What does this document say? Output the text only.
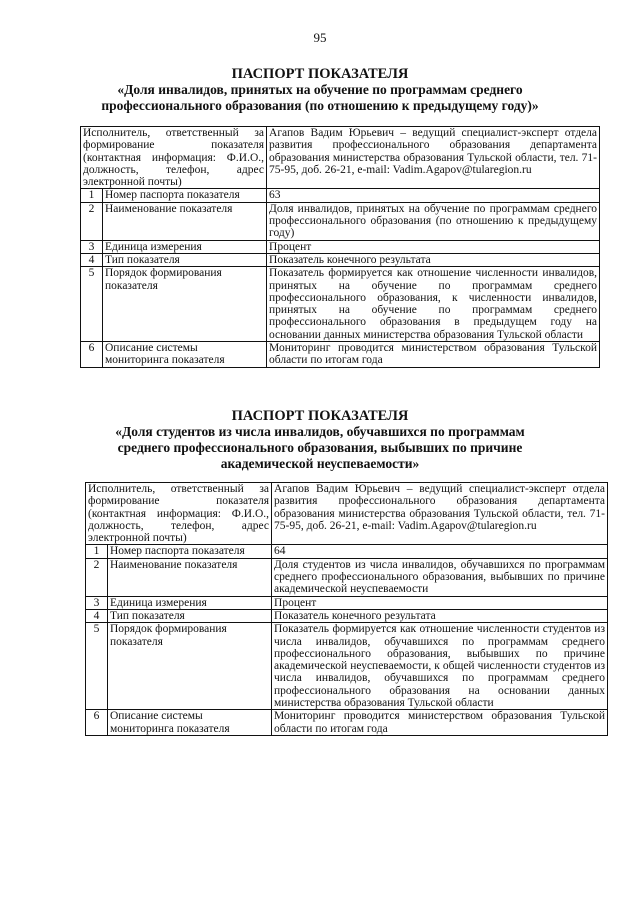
95

ПАСПОРТ ПОКАЗАТЕЛЯ

«Доля инвалидов, принятых на обучение по программам среднего профессионального образования (по отношению к предыдущему году)»

Исполнитель, ответственный за формирование показателя (контактная информация: Ф.И.О., должность, телефон, адрес электронной почты)		Агапов Вадим Юрьевич – ведущий специалист-эксперт отдела развития профессионального образования департамента образования министерства образования Тульской области, тел. 71-75-95, доб. 26-21, e-mail: Vadim.Agapov@tularegion.ru
1	Номер паспорта показателя	63
2	Наименование показателя	Доля инвалидов, принятых на обучение по программам среднего профессионального образования (по отношению к предыдущему году)
3	Единица измерения	Процент
4	Тип показателя	Показатель конечного результата
5	Порядок формирования показателя	Показатель формируется как отношение численности инвалидов, принятых на обучение по программам среднего профессионального образования, к численности инвалидов, принятых на обучение по программам среднего профессионального образования в предыдущем году на основании данных министерства образования Тульской области
6	Описание системы мониторинга показателя	Мониторинг проводится министерством образования Тульской области по итогам года

ПАСПОРТ ПОКАЗАТЕЛЯ

«Доля студентов из числа инвалидов, обучавшихся по программам среднего профессионального образования, выбывших по причине академической неуспеваемости»

Исполнитель, ответственный за формирование показателя (контактная информация: Ф.И.О., должность, телефон, адрес электронной почты)		Агапов Вадим Юрьевич – ведущий специалист-эксперт отдела развития профессионального образования департамента образования министерства образования Тульской области, тел. 71-75-95, доб. 26-21, e-mail: Vadim.Agapov@tularegion.ru
1	Номер паспорта показателя	64
2	Наименование показателя	Доля студентов из числа инвалидов, обучавшихся по программам среднего профессионального образования, выбывших по причине академической неуспеваемости
3	Единица измерения	Процент
4	Тип показателя	Показатель конечного результата
5	Порядок формирования показателя	Показатель формируется как отношение численности студентов из числа инвалидов, обучавшихся по программам среднего профессионального образования, выбывших по причине академической неуспеваемости, к общей численности студентов из числа инвалидов, обучавшихся по программам среднего профессионального образования на основании данных министерства образования Тульской области
6	Описание системы мониторинга показателя	Мониторинг проводится министерством образования Тульской области по итогам года
